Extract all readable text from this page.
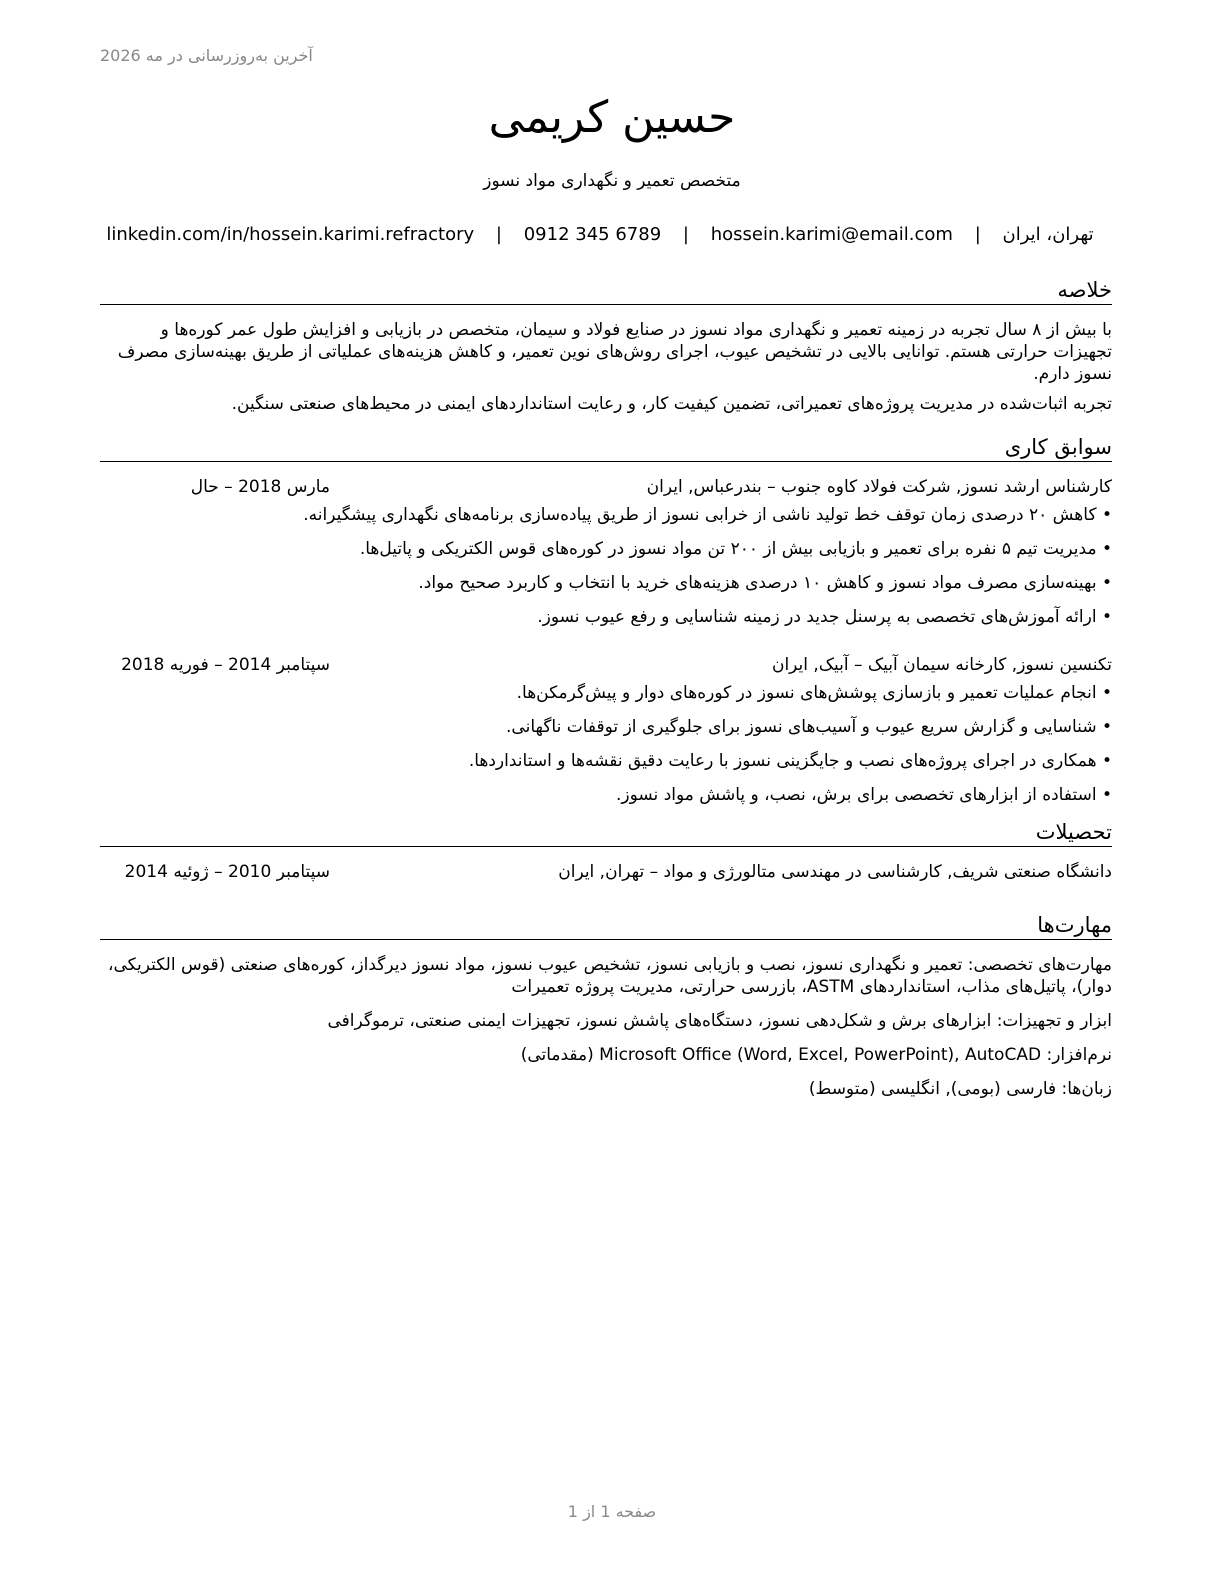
آخرین به‌روزرسانی در مه 2026
حسین کریمی
متخصص تعمیر و نگهداری مواد نسوز
تهران، ایران | hossein.karimi@email.com | 0912 345 6789 | linkedin.com/in/hossein.karimi.refractory
خلاصه

با بیش از ۸ سال تجربه در زمینه تعمیر و نگهداری مواد نسوز در صنایع فولاد و سیمان، متخصص در بازیابی و افزایش طول عمر کوره‌ها و تجهیزات حرارتی هستم. توانایی بالایی در تشخیص عیوب، اجرای روش‌های نوین تعمیر، و کاهش هزینه‌های عملیاتی از طریق بهینه‌سازی مصرف نسوز دارم.

تجربه اثبات‌شده در مدیریت پروژه‌های تعمیراتی، تضمین کیفیت کار، و رعایت استانداردهای ایمنی در محیط‌های صنعتی سنگین.

سوابق کاری
کارشناس ارشد نسوز, شرکت فولاد کاوه جنوب – بندرعباس, ایران
مارس 2018 – حال
• کاهش ۲۰ درصدی زمان توقف خط تولید ناشی از خرابی نسوز از طریق پیاده‌سازی برنامه‌های نگهداری پیشگیرانه.
• مدیریت تیم ۵ نفره برای تعمیر و بازیابی بیش از ۲۰۰ تن مواد نسوز در کوره‌های قوس الکتریکی و پاتیل‌ها.
• بهینه‌سازی مصرف مواد نسوز و کاهش ۱۰ درصدی هزینه‌های خرید با انتخاب و کاربرد صحیح مواد.
• ارائه آموزش‌های تخصصی به پرسنل جدید در زمینه شناسایی و رفع عیوب نسوز.
تکنسین نسوز, کارخانه سیمان آبیک – آبیک, ایران
سپتامبر 2014 – فوریه 2018
• انجام عملیات تعمیر و بازسازی پوشش‌های نسوز در کوره‌های دوار و پیش‌گرمکن‌ها.
• شناسایی و گزارش سریع عیوب و آسیب‌های نسوز برای جلوگیری از توقفات ناگهانی.
• همکاری در اجرای پروژه‌های نصب و جایگزینی نسوز با رعایت دقیق نقشه‌ها و استانداردها.
• استفاده از ابزارهای تخصصی برای برش، نصب، و پاشش مواد نسوز.
تحصیلات
دانشگاه صنعتی شریف, کارشناسی در مهندسی متالورژی و مواد – تهران, ایران
سپتامبر 2010 – ژوئیه 2014
مهارت‌ها

مهارت‌های تخصصی: تعمیر و نگهداری نسوز، نصب و بازیابی نسوز، تشخیص عیوب نسوز، مواد نسوز دیرگداز، کوره‌های صنعتی (قوس الکتریکی، دوار)، پاتیل‌های مذاب، استانداردهای ASTM، بازرسی حرارتی، مدیریت پروژه تعمیرات

ابزار و تجهیزات: ابزارهای برش و شکل‌دهی نسوز، دستگاه‌های پاشش نسوز، تجهیزات ایمنی صنعتی، ترموگرافی

نرم‌افزار: Microsoft Office (Word, Excel, PowerPoint), AutoCAD (مقدماتی)

زبان‌ها: فارسی (بومی), انگلیسی (متوسط)

صفحه 1 از 1
